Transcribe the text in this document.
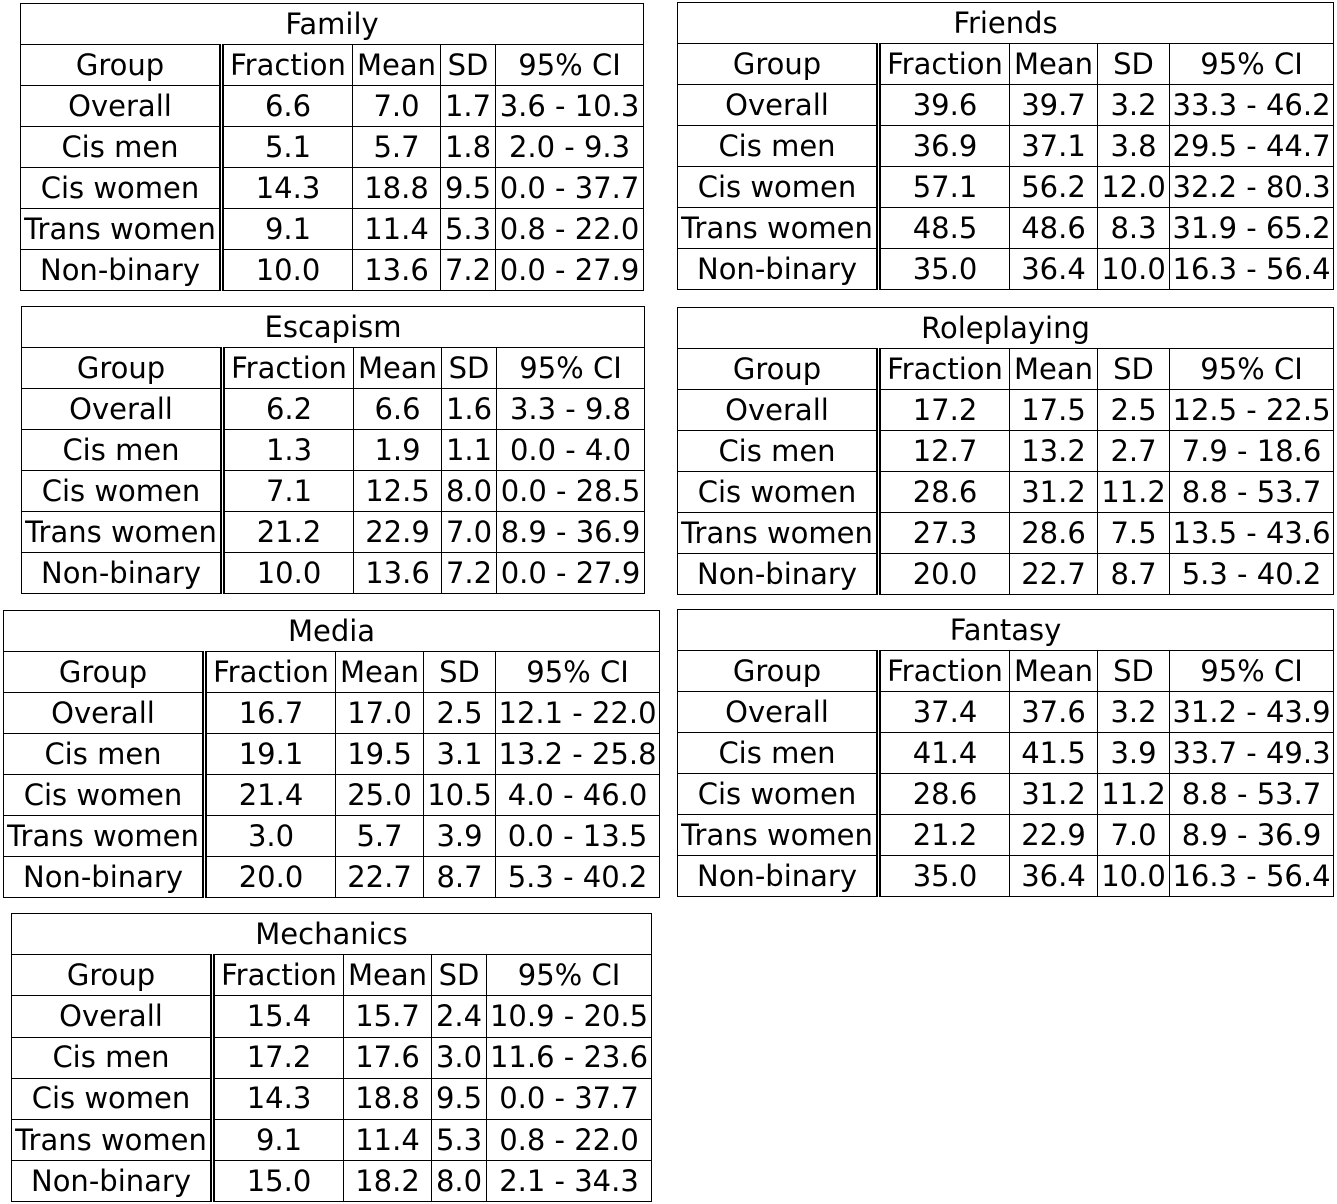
Family				
Group	Fraction	Mean	SD	95% CI
Overall	6.6	7.0	1.7	3.6 - 10.3
Cis men	5.1	5.7	1.8	2.0 - 9.3
Cis women	14.3	18.8	9.5	0.0 - 37.7
Trans women	9.1	11.4	5.3	0.8 - 22.0
Non-binary	10.0	13.6	7.2	0.0 - 27.9
Friends				
Group	Fraction	Mean	SD	95% CI
Overall	39.6	39.7	3.2	33.3 - 46.2
Cis men	36.9	37.1	3.8	29.5 - 44.7
Cis women	57.1	56.2	12.0	32.2 - 80.3
Trans women	48.5	48.6	8.3	31.9 - 65.2
Non-binary	35.0	36.4	10.0	16.3 - 56.4
Escapism				
Group	Fraction	Mean	SD	95% CI
Overall	6.2	6.6	1.6	3.3 - 9.8
Cis men	1.3	1.9	1.1	0.0 - 4.0
Cis women	7.1	12.5	8.0	0.0 - 28.5
Trans women	21.2	22.9	7.0	8.9 - 36.9
Non-binary	10.0	13.6	7.2	0.0 - 27.9
Roleplaying				
Group	Fraction	Mean	SD	95% CI
Overall	17.2	17.5	2.5	12.5 - 22.5
Cis men	12.7	13.2	2.7	7.9 - 18.6
Cis women	28.6	31.2	11.2	8.8 - 53.7
Trans women	27.3	28.6	7.5	13.5 - 43.6
Non-binary	20.0	22.7	8.7	5.3 - 40.2
Media				
Group	Fraction	Mean	SD	95% CI
Overall	16.7	17.0	2.5	12.1 - 22.0
Cis men	19.1	19.5	3.1	13.2 - 25.8
Cis women	21.4	25.0	10.5	4.0 - 46.0
Trans women	3.0	5.7	3.9	0.0 - 13.5
Non-binary	20.0	22.7	8.7	5.3 - 40.2
Fantasy				
Group	Fraction	Mean	SD	95% CI
Overall	37.4	37.6	3.2	31.2 - 43.9
Cis men	41.4	41.5	3.9	33.7 - 49.3
Cis women	28.6	31.2	11.2	8.8 - 53.7
Trans women	21.2	22.9	7.0	8.9 - 36.9
Non-binary	35.0	36.4	10.0	16.3 - 56.4
Mechanics				
Group	Fraction	Mean	SD	95% CI
Overall	15.4	15.7	2.4	10.9 - 20.5
Cis men	17.2	17.6	3.0	11.6 - 23.6
Cis women	14.3	18.8	9.5	0.0 - 37.7
Trans women	9.1	11.4	5.3	0.8 - 22.0
Non-binary	15.0	18.2	8.0	2.1 - 34.3
